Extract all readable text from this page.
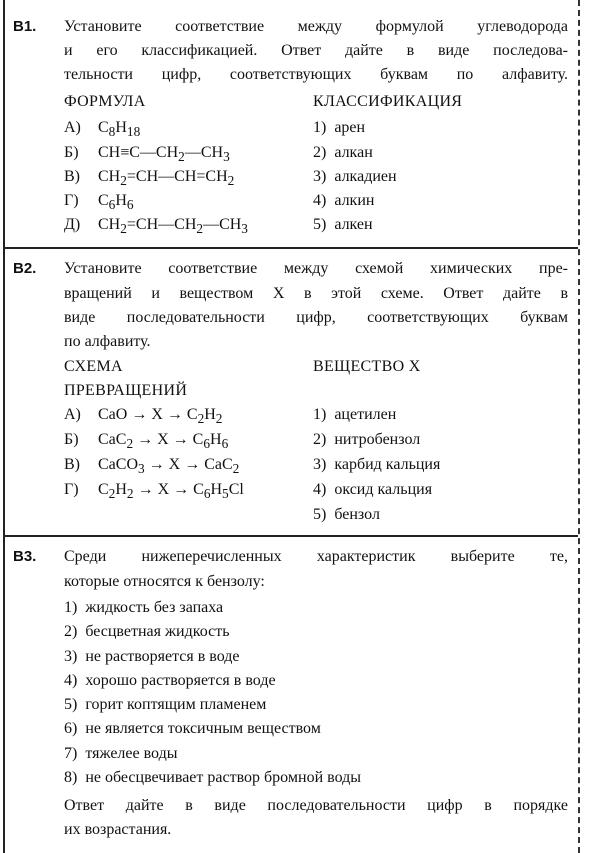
B1. Установите соответствие между формулой углеводорода
и его классификацией. Ответ дайте в виде последова-
тельности цифр, соответствующих буквам по алфавиту.
ФОРМУЛА	КЛАССИФИКАЦИЯ
А)
Б)
В)
Г)
Д)
$C_8H_{18}$
$CH\equiv C—CH_2—CH_3$
$CH_2=CH—CH=CH_2$
$C_6H_6$
$CH_2=CH—CH_2—CH_3$
1) арен
2) алкан
3) алкадиен
4) алкин
5) алкен
B2. Установите соответствие между схемой химических пре-
вращений и веществом X в этой схеме. Ответ дайте в
виде последовательности цифр, соответствующих буквам
по алфавиту.
СХЕМА
ПРЕВРАЩЕНИЙ
ВЕЩЕСТВО X
А)
Б)
В)
Г)
CaO → $X \to C_2H_2$
$CaC_2 \to X \to C_6H_6$
CaCO$_3$ → X → CaC$_2$
$C_2H_2 \to X \to C_6H_5Cl$
1) ацетилен
2) нитробензол
3) карбид кальция
4) оксид кальция
5) бензол
B3. Среди нижеперечисленных характеристик выберите те,
которые относятся к бензолу:
1) жидкость без запаха
2) бесцветная жидкость
3) не растворяется в воде
4) хорошо растворяется в воде
5) горит коптящим пламенем
6) не является токсичным веществом
7) тяжелее воды
8) не обесцвечивает раствор бромной воды
Ответ дайте в виде последовательности цифр в порядке
их возрастания.
